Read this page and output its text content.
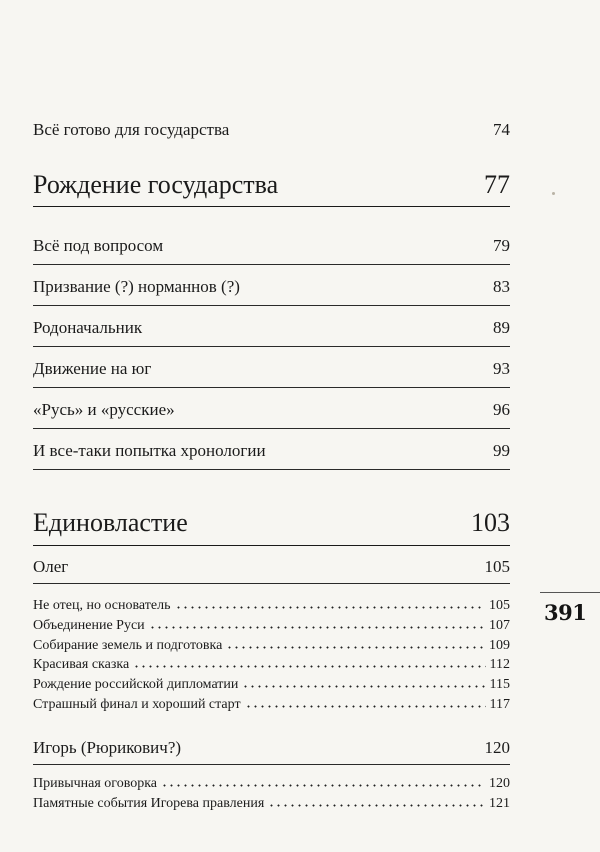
Всё готово для государства	74
Рождение государства	77
Всё под вопросом	79
Призвание (?) норманнов (?)	83
Родоначальник	89
Движение на юг	93
«Русь» и «русские»	96
И все-таки попытка хронологии	99
Единовластие	103
Олег	105
Не отец, но основатель	105
Объединение Руси	107
Собирание земель и подготовка	109
Красивая сказка	112
Рождение российской дипломатии	115
Страшный финал и хороший старт	117
Игорь (Рюрикович?)	120
Привычная оговорка	120
Памятные события Игорева правления	121
391
